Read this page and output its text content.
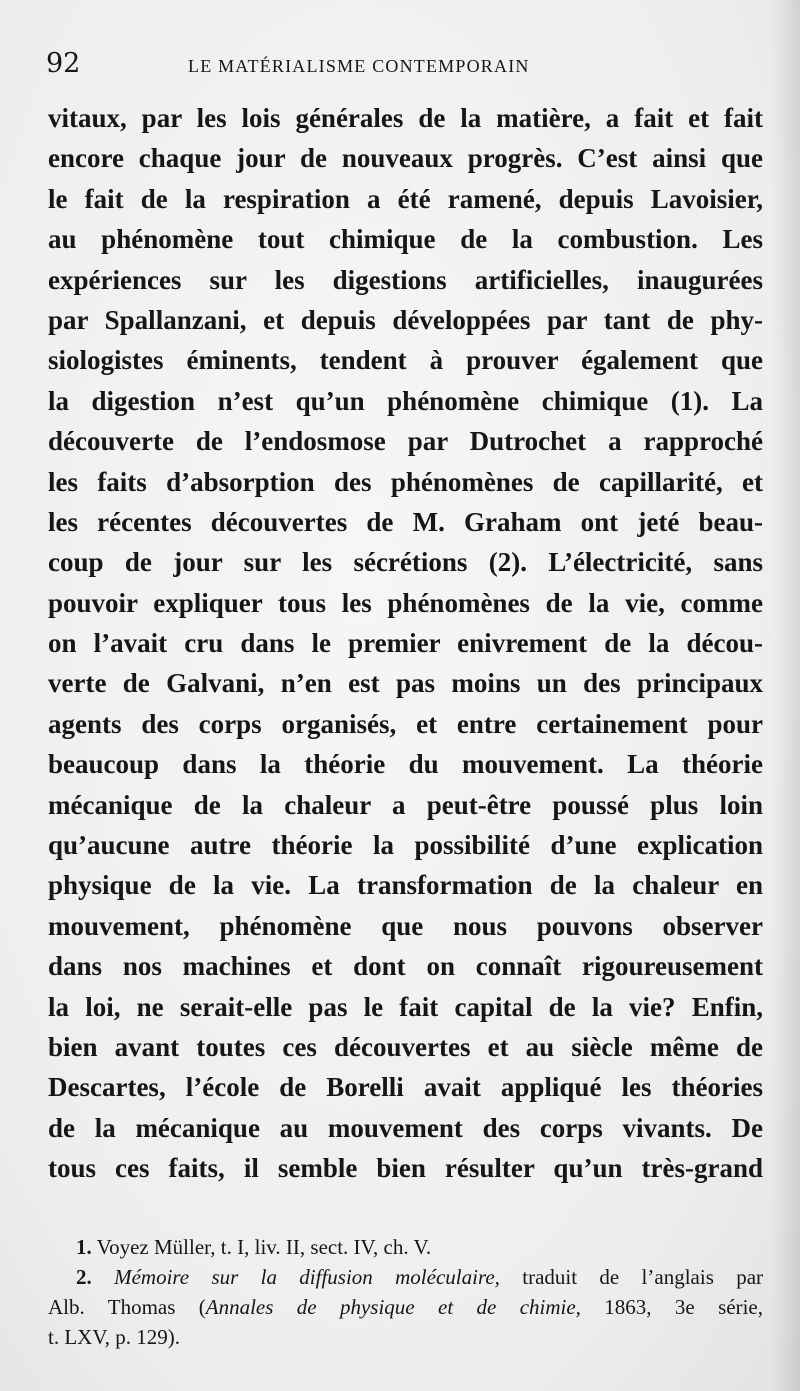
92	LE MATÉRIALISME CONTEMPORAIN
vitaux, par les lois générales de la matière, a fait et fait
encore chaque jour de nouveaux progrès. C’est ainsi que
le fait de la respiration a été ramené, depuis Lavoisier,
au phénomène tout chimique de la combustion. Les
expériences sur les digestions artificielles, inaugurées
par Spallanzani, et depuis développées par tant de phy-
siologistes éminents, tendent à prouver également que
la digestion n’est qu’un phénomène chimique (1). La
découverte de l’endosmose par Dutrochet a rapproché
les faits d’absorption des phénomènes de capillarité, et
les récentes découvertes de M. Graham ont jeté beau-
coup de jour sur les sécrétions (2). L’électricité, sans
pouvoir expliquer tous les phénomènes de la vie, comme
on l’avait cru dans le premier enivrement de la décou-
verte de Galvani, n’en est pas moins un des principaux
agents des corps organisés, et entre certainement pour
beaucoup dans la théorie du mouvement. La théorie
mécanique de la chaleur a peut-être poussé plus loin
qu’aucune autre théorie la possibilité d’une explication
physique de la vie. La transformation de la chaleur en
mouvement, phénomène que nous pouvons observer
dans nos machines et dont on connaît rigoureusement
la loi, ne serait-elle pas le fait capital de la vie? Enfin,
bien avant toutes ces découvertes et au siècle même de
Descartes, l’école de Borelli avait appliqué les théories
de la mécanique au mouvement des corps vivants. De
tous ces faits, il semble bien résulter qu’un très-grand
1. Voyez Müller, t. I, liv. II, sect. IV, ch. V.
2. Mémoire sur la diffusion moléculaire, traduit de l’anglais par
Alb. Thomas (Annales de physique et de chimie, 1863, 3e série,
t. LXV, p. 129).
